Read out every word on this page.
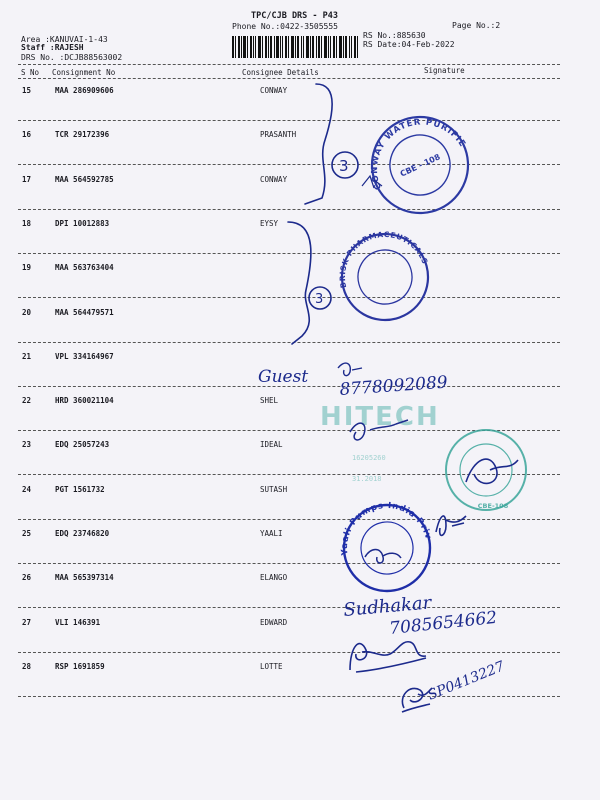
TPC/CJB DRS - P43
Phone No.:0422-3505555	Page No.:2
Area :KANUVAI-1-43
Staff :RAJESH
DRS No. :DCJB88563002
RS No.:885630
RS Date:04-Feb-2022
S No Consignment No	Consignee Details	Signature
15	MAA 286909606	CONWAY
16	TCR 29172396	PRASANTH
17	MAA 564592785	CONWAY
18	DPI 10012883	EYSY
19	MAA 563763404
20	MAA 564479571
21	VPL 334164967
22	HRD 360021104	SHEL
23	EDQ 25057243	IDEAL
24	PGT 1561732	SUTASH
25	EDQ 23746820	YAALI
26	MAA 565397314	ELANGO
27	VLI 146391	EDWARD
28	RSP 1691859	LOTTE
CONWAY WATER PURIFIER
CBE - 108
BRISK PHARMACEUTICALS
CBE-108
HITECH
16205260
31.2018
Yaali Pumps India Private
3
3
Guest 8778092089
Sudhakar
7085654662
SP0413227
